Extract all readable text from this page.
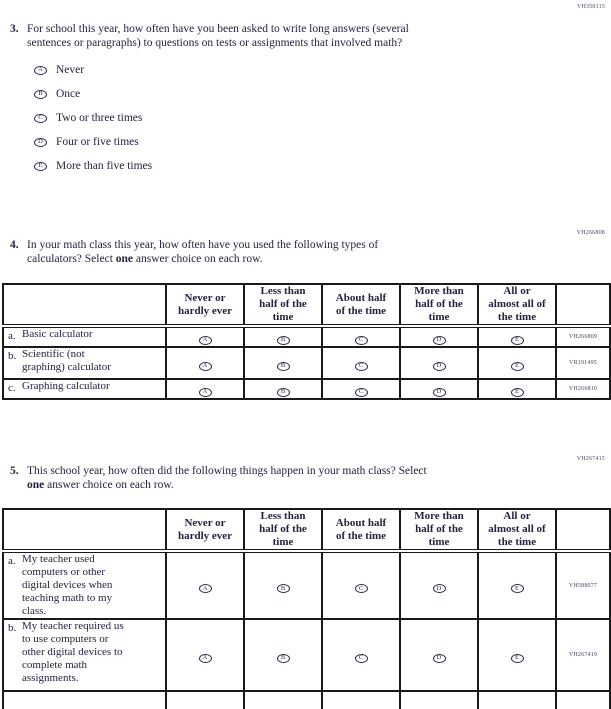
VH350115
3. For school this year, how often have you been asked to write long answers (several
sentences or paragraphs) to questions on tests or assignments that involved math?
A Never
B Once
C Two or three times
D Four or five times
E More than five times
VH266808
4. In your math class this year, how often have you used the following types of
calculators? Select one answer choice on each row.

Never or
hardly ever

Less than
half of the
time

About half
of the time

More than
half of the
time

All or
almost all of
the time

a. Basic calculator	A	B	C	D	E	VH266809

b. Scientific (not
graphing) calculator	A	B	C	D	E	VR191495

c. Graphing calculator	A	B	C	D	E	VH266810
VH267415
5. This school year, how often did the following things happen in your math class? Select
one answer choice on each row.

Never or
hardly ever

Less than
half of the
time

About half
of the time

More than
half of the
time

All or
almost all of
the time

a. My teacher used
computers or other
digital devices when
teaching math to my
class.

A	B	C	D	E	VH588077

b. My teacher required us
to use computers or
other digital devices to
complete math
assignments.

A	B	C	D	E	VH267419
